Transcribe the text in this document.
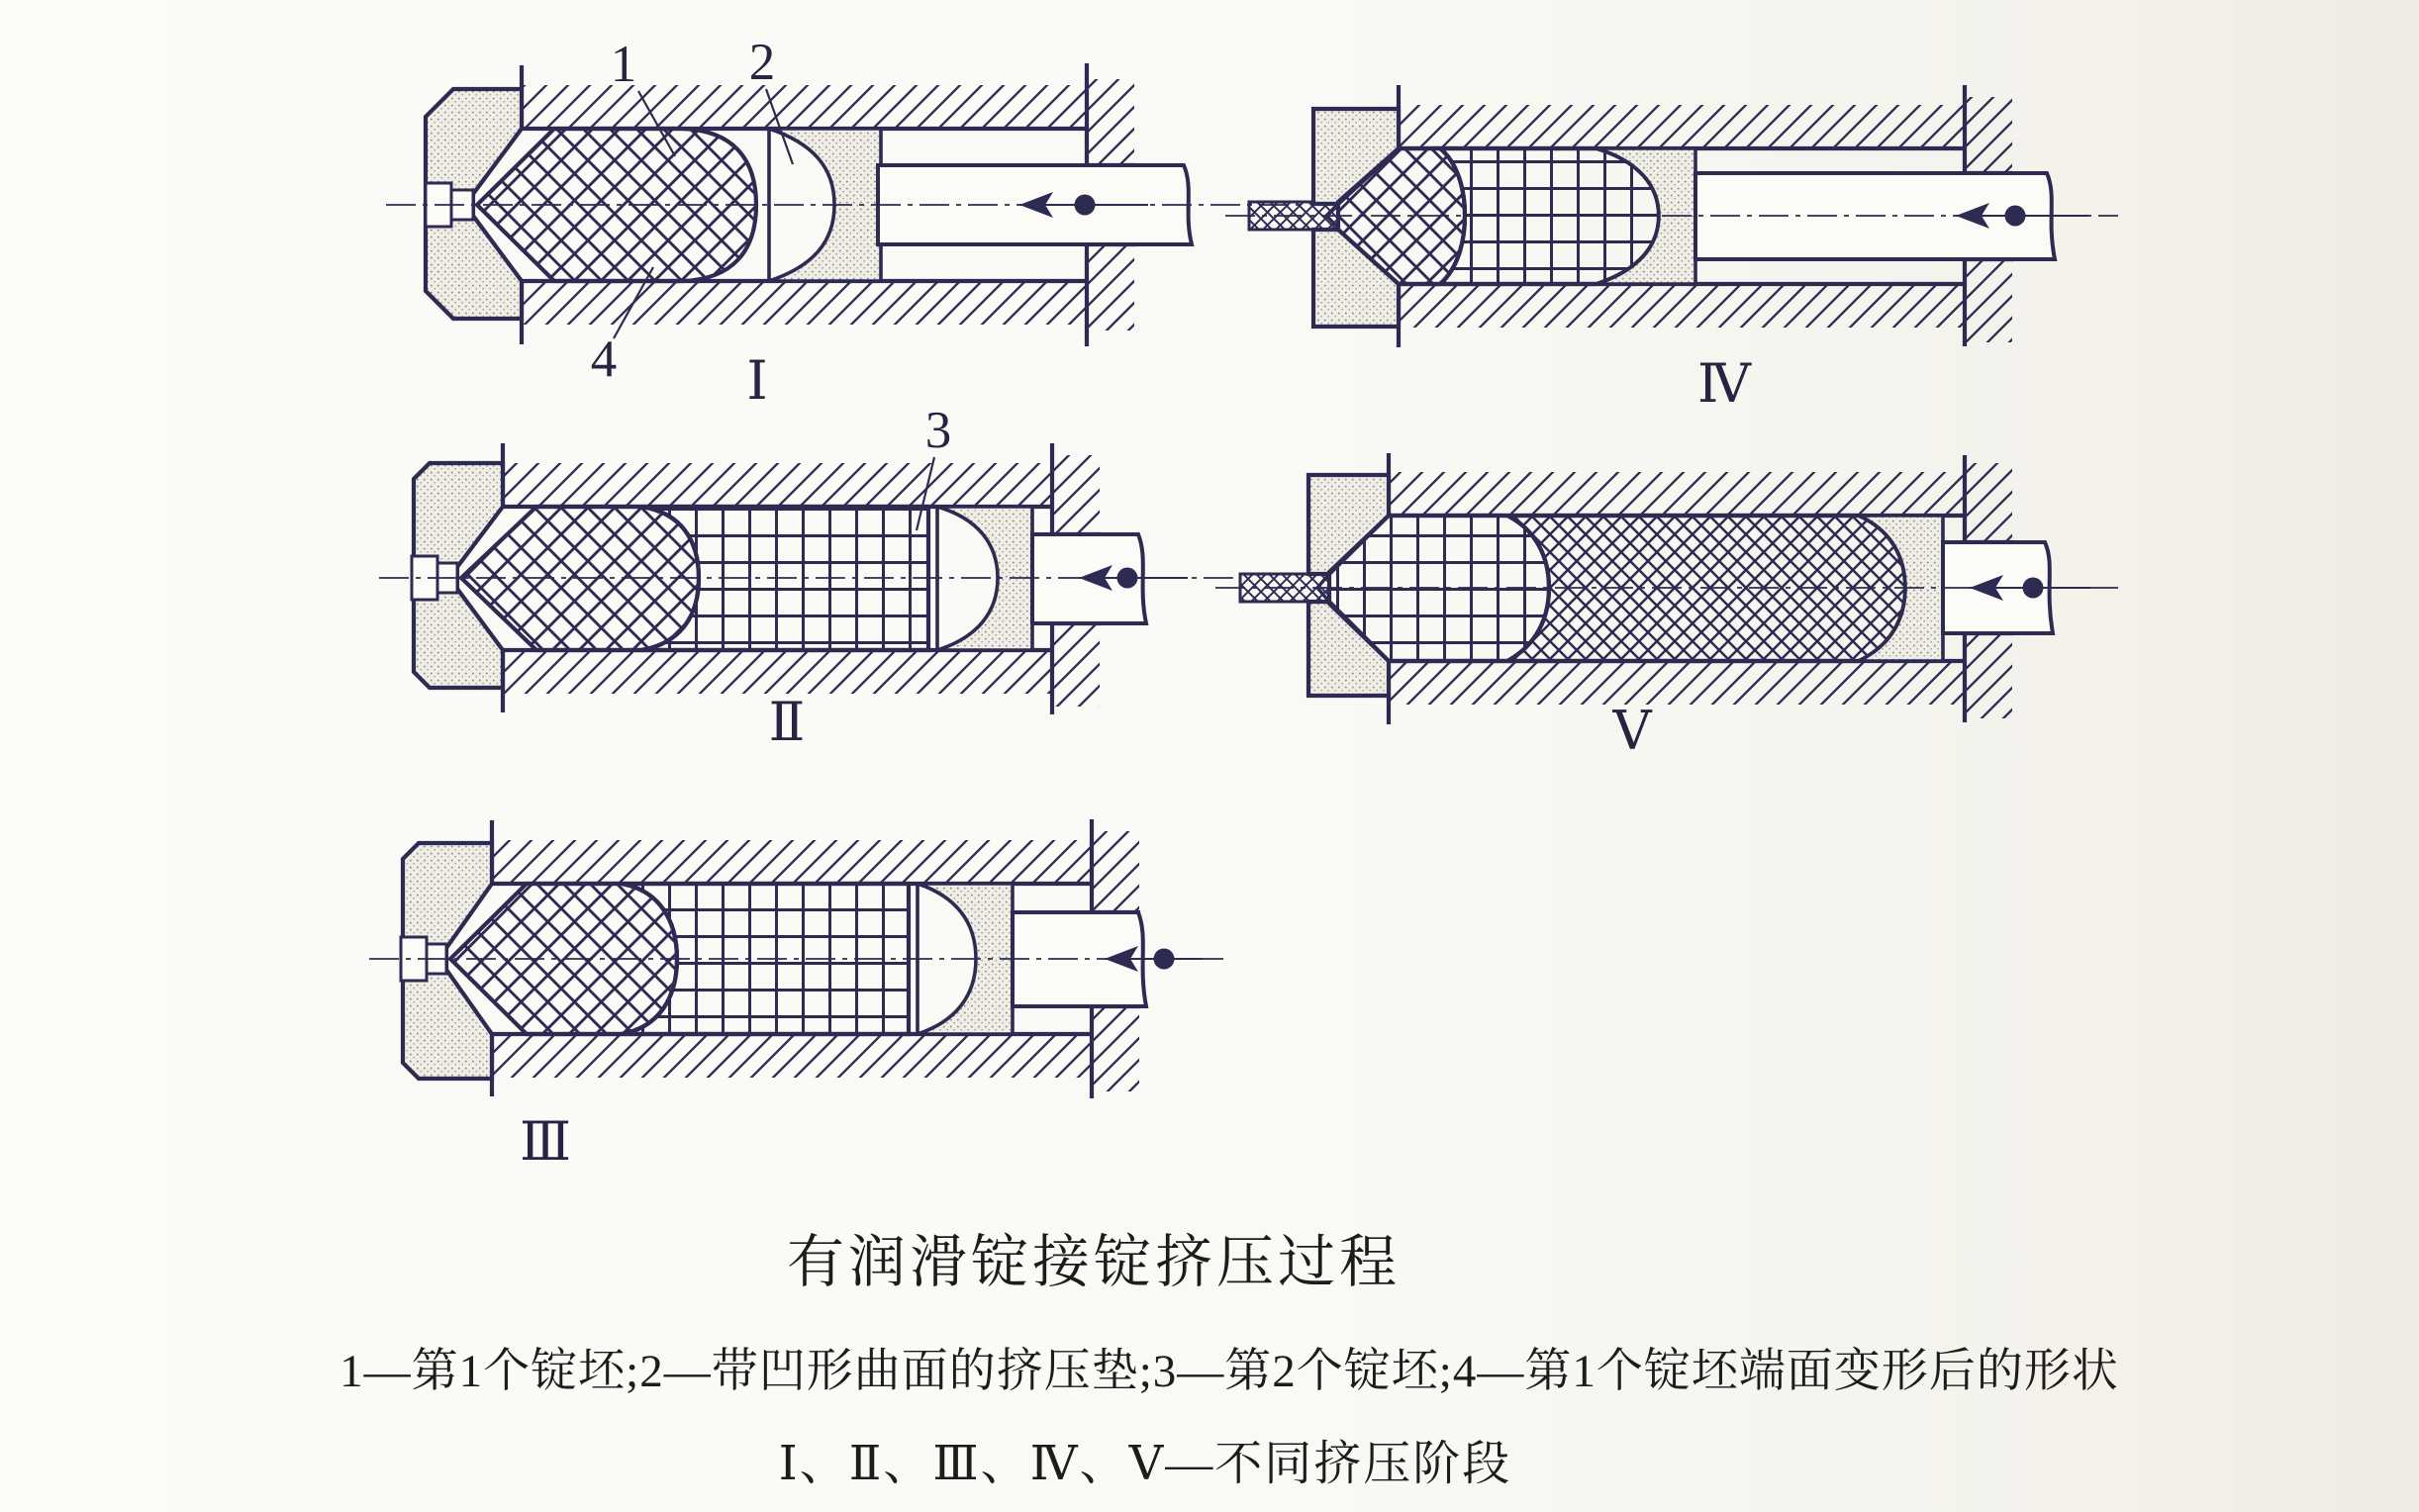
1 2
4 Ⅰ	Ⅳ
3
Ⅱ	Ⅴ
Ⅲ
有润滑锭接锭挤压过程
1—第1个锭坯;2—带凹形曲面的挤压垫;3—第2个锭坯;4—第1个锭坯端面变形后的形状
Ⅰ、Ⅱ、Ⅲ、Ⅳ、Ⅴ—不同挤压阶段
